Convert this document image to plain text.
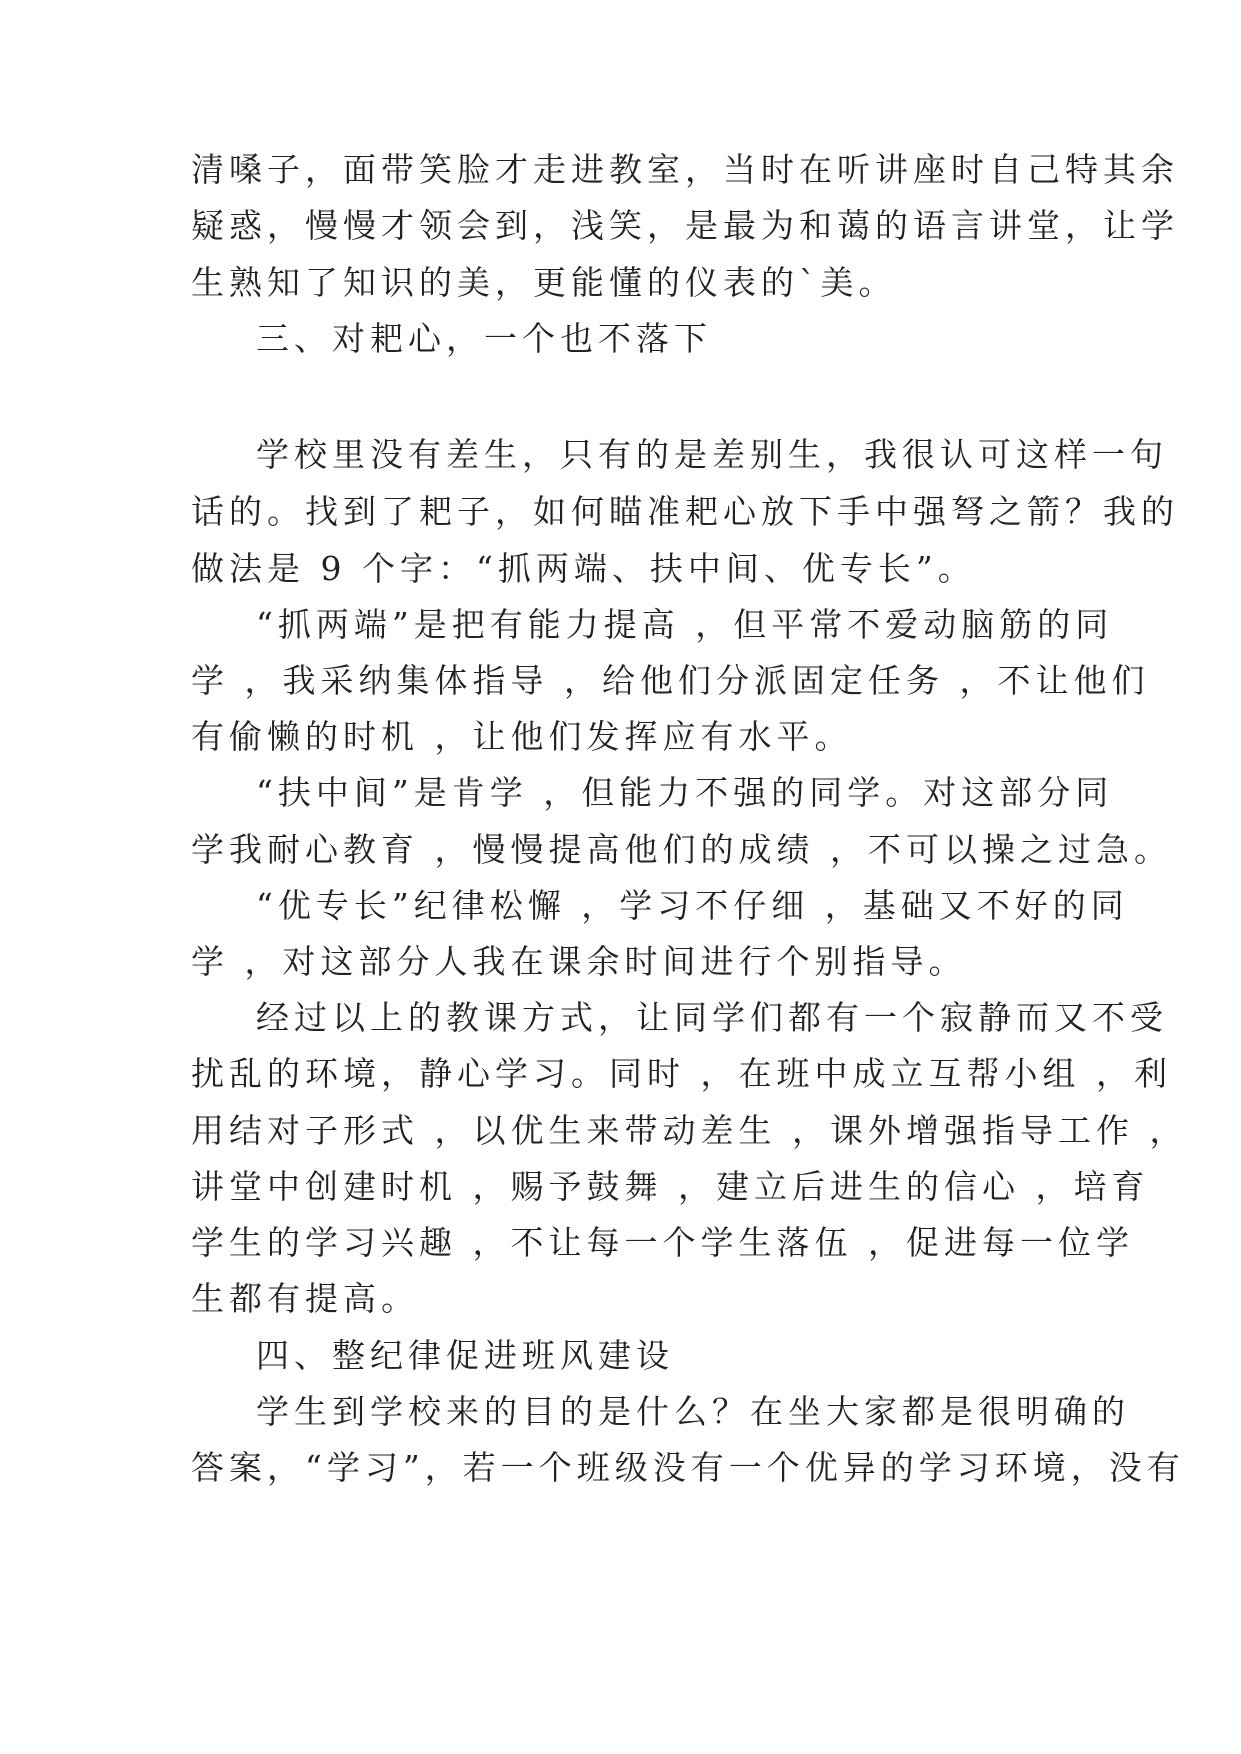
清嗓子，面带笑脸才走进教室，当时在听讲座时自己特其余
疑惑，慢慢才领会到，浅笑，是最为和蔼的语言讲堂，让学
生熟知了知识的美，更能懂的仪表的`美。
三、对耙心，一个也不落下
学校里没有差生，只有的是差别生，我很认可这样一句
话的。找到了耙子，如何瞄准耙心放下手中强弩之箭？我的
做法是 9 个字：“抓两端、扶中间、优专长”。
“抓两端”是把有能力提高 ，但平常不爱动脑筋的同
学 ，我采纳集体指导 ，给他们分派固定任务 ，不让他们
有偷懒的时机 ，让他们发挥应有水平。
“扶中间”是肯学 ，但能力不强的同学。对这部分同
学我耐心教育 ，慢慢提高他们的成绩 ，不可以操之过急。
“优专长”纪律松懈 ，学习不仔细 ，基础又不好的同
学 ，对这部分人我在课余时间进行个别指导。
经过以上的教课方式，让同学们都有一个寂静而又不受
扰乱的环境，静心学习。同时 ，在班中成立互帮小组 ，利
用结对子形式 ，以优生来带动差生 ，课外增强指导工作 ，
讲堂中创建时机 ，赐予鼓舞 ，建立后进生的信心 ，培育
学生的学习兴趣 ，不让每一个学生落伍 ，促进每一位学
生都有提高。
四、整纪律促进班风建设
学生到学校来的目的是什么？在坐大家都是很明确的
答案，“学习”，若一个班级没有一个优异的学习环境，没有
